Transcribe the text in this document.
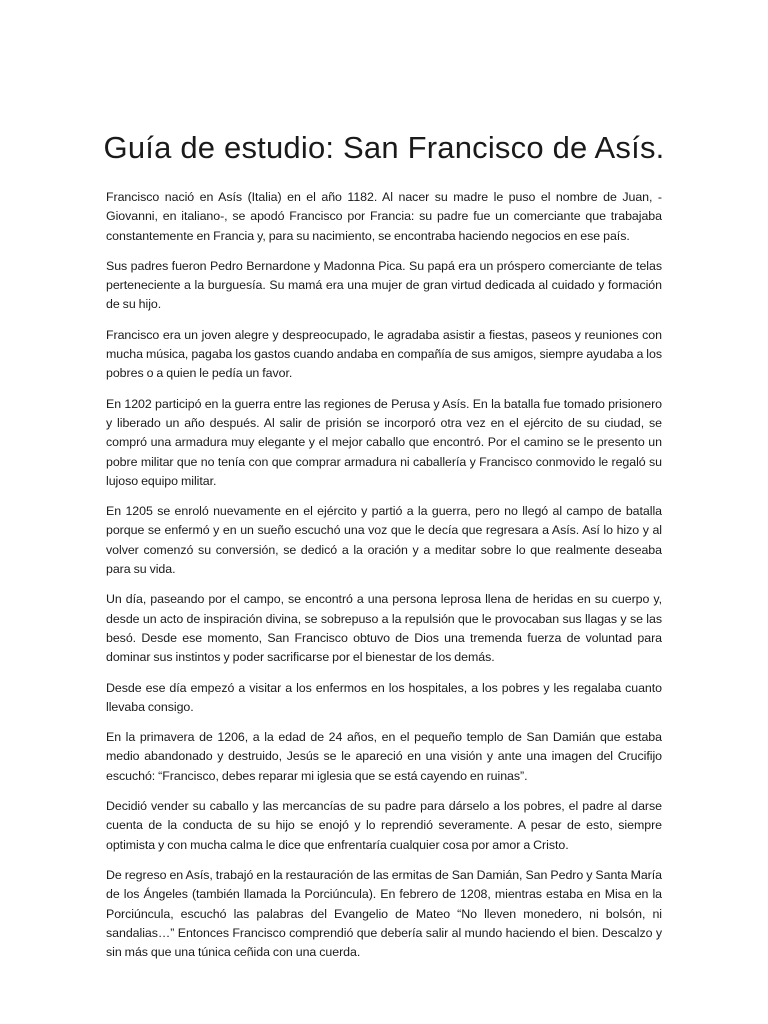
Guía de estudio: San Francisco de Asís.

Francisco nació en Asís (Italia) en el año 1182. Al nacer su madre le puso el nombre de Juan, -Giovanni, en italiano-, se apodó Francisco por Francia: su padre fue un comerciante que trabajaba constantemente en Francia y, para su nacimiento, se encontraba haciendo negocios en ese país.

Sus padres fueron Pedro Bernardone y Madonna Pica. Su papá era un próspero comerciante de telas perteneciente a la burguesía. Su mamá era una mujer de gran virtud dedicada al cuidado y formación de su hijo.

Francisco era un joven alegre y despreocupado, le agradaba asistir a fiestas, paseos y reuniones con mucha música, pagaba los gastos cuando andaba en compañía de sus amigos, siempre ayudaba a los pobres o a quien le pedía un favor.

En 1202 participó en la guerra entre las regiones de Perusa y Asís. En la batalla fue tomado prisionero y liberado un año después. Al salir de prisión se incorporó otra vez en el ejército de su ciudad, se compró una armadura muy elegante y el mejor caballo que encontró. Por el camino se le presento un pobre militar que no tenía con que comprar armadura ni caballería y Francisco conmovido le regaló su lujoso equipo militar.

En 1205 se enroló nuevamente en el ejército y partió a la guerra, pero no llegó al campo de batalla porque se enfermó y en un sueño escuchó una voz que le decía que regresara a Asís. Así lo hizo y al volver comenzó su conversión, se dedicó a la oración y a meditar sobre lo que realmente deseaba para su vida.

Un día, paseando por el campo, se encontró a una persona leprosa llena de heridas en su cuerpo y, desde un acto de inspiración divina, se sobrepuso a la repulsión que le provocaban sus llagas y se las besó. Desde ese momento, San Francisco obtuvo de Dios una tremenda fuerza de voluntad para dominar sus instintos y poder sacrificarse por el bienestar de los demás.

Desde ese día empezó a visitar a los enfermos en los hospitales, a los pobres y les regalaba cuanto llevaba consigo.

En la primavera de 1206, a la edad de 24 años, en el pequeño templo de San Damián que estaba medio abandonado y destruido, Jesús se le apareció en una visión y ante una imagen del Crucifijo escuchó: “Francisco, debes reparar mi iglesia que se está cayendo en ruinas”.

Decidió vender su caballo y las mercancías de su padre para dárselo a los pobres, el padre al darse cuenta de la conducta de su hijo se enojó y lo reprendió severamente. A pesar de esto, siempre optimista y con mucha calma le dice que enfrentaría cualquier cosa por amor a Cristo.

De regreso en Asís, trabajó en la restauración de las ermitas de San Damián, San Pedro y Santa María de los Ángeles (también llamada la Porciúncula). En febrero de 1208, mientras estaba en Misa en la Porciúncula, escuchó las palabras del Evangelio de Mateo “No lleven monedero, ni bolsón, ni sandalias…” Entonces Francisco comprendió que debería salir al mundo haciendo el bien. Descalzo y sin más que una túnica ceñida con una cuerda.
